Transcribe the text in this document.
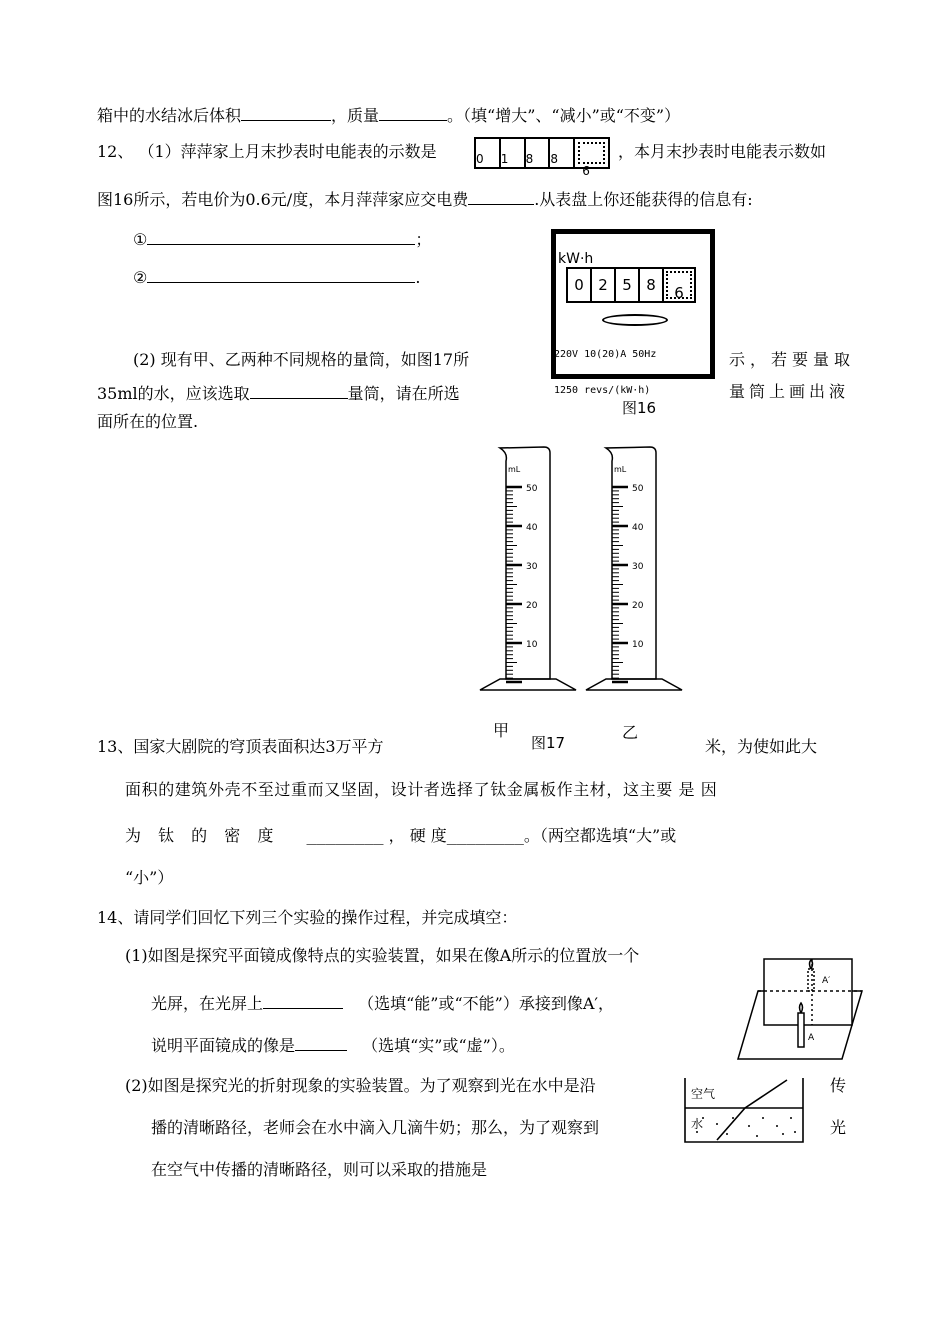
箱中的水结冰后体积	，质量	。（填“增大”、“减小”或“不变”）
12、 （1）萍萍家上月末抄表时电能表的示数是	0	1	8	8
6
，本月末抄表时电能表示数如
图16所示，若电价为0.6元/度，本月萍萍家应交电费	.从表盘上你还能获得的信息有:
①	；
②	.
kW·h
0 2 5 8	6
220V 10(20)A 50Hz
1250 revs/(kW·h)
图16
(2) 现有甲、乙两种不同规格的量筒，如图17所	示，若要量取
35ml的水，应该选取	量筒，请在所选	量筒上画出液
面所在的位置.
mL	mL
50
40
30
20
10
50
40
30
20
10
甲
图17
乙
13、国家大剧院的穹顶表面积达3万平方	米，为使如此大
面积的建筑外壳不至过重而又坚固，设计者选择了钛金属板作主材，这主要 是 因
为 钛 的 密 度 ________ ， 硬 度________。（两空都选填“大”或
“小”）
14、请同学们回忆下列三个实验的操作过程，并完成填空：
(1)如图是探究平面镜成像特点的实验装置，如果在像A所示的位置放一个
光屏，在光屏上	（选填“能”或“不能”）承接到像A′，
说明平面镜成的像是	（选填“实”或“虚”）。
A′
A
(2)如图是探究光的折射现象的实验装置。为了观察到光在水中是沿	传
播的清晰路径，老师会在水中滴入几滴牛奶；那么，为了观察到	光
在空气中传播的清晰路径，则可以采取的措施是
空气
水
